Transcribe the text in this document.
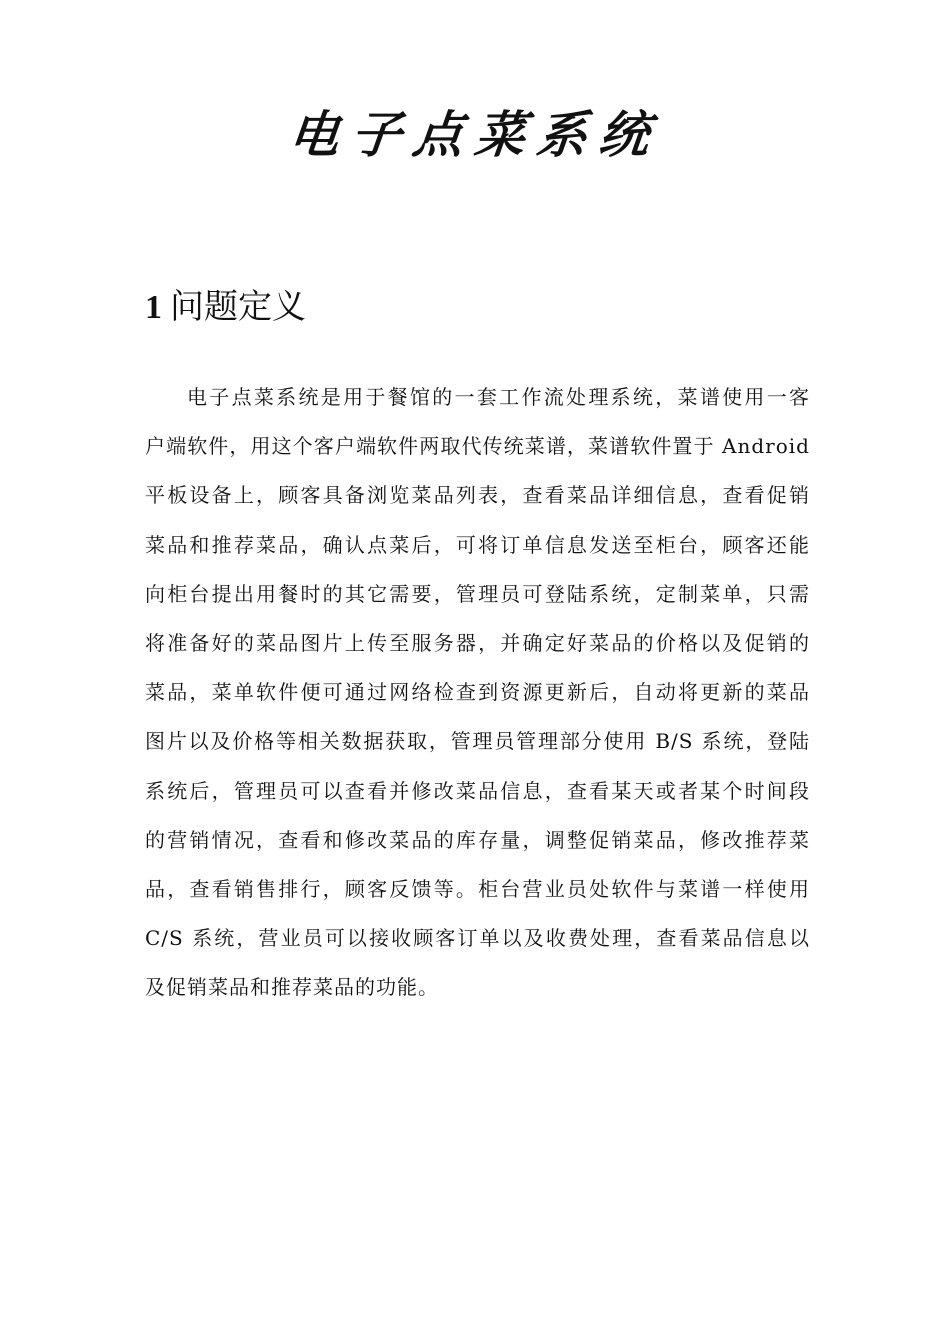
电子点菜系统
1 问题定义
电子点菜系统是用于餐馆的一套工作流处理系统，菜谱使用一客
户端软件，用这个客户端软件两取代传统菜谱，菜谱软件置于 Android
平板设备上，顾客具备浏览菜品列表，查看菜品详细信息，查看促销
菜品和推荐菜品，确认点菜后，可将订单信息发送至柜台，顾客还能
向柜台提出用餐时的其它需要，管理员可登陆系统，定制菜单，只需
将准备好的菜品图片上传至服务器，并确定好菜品的价格以及促销的
菜品，菜单软件便可通过网络检查到资源更新后，自动将更新的菜品
图片以及价格等相关数据获取，管理员管理部分使用 B/S 系统，登陆
系统后，管理员可以查看并修改菜品信息，查看某天或者某个时间段
的营销情况，查看和修改菜品的库存量，调整促销菜品，修改推荐菜
品，查看销售排行，顾客反馈等。柜台营业员处软件与菜谱一样使用
C/S 系统，营业员可以接收顾客订单以及收费处理，查看菜品信息以
及促销菜品和推荐菜品的功能。
